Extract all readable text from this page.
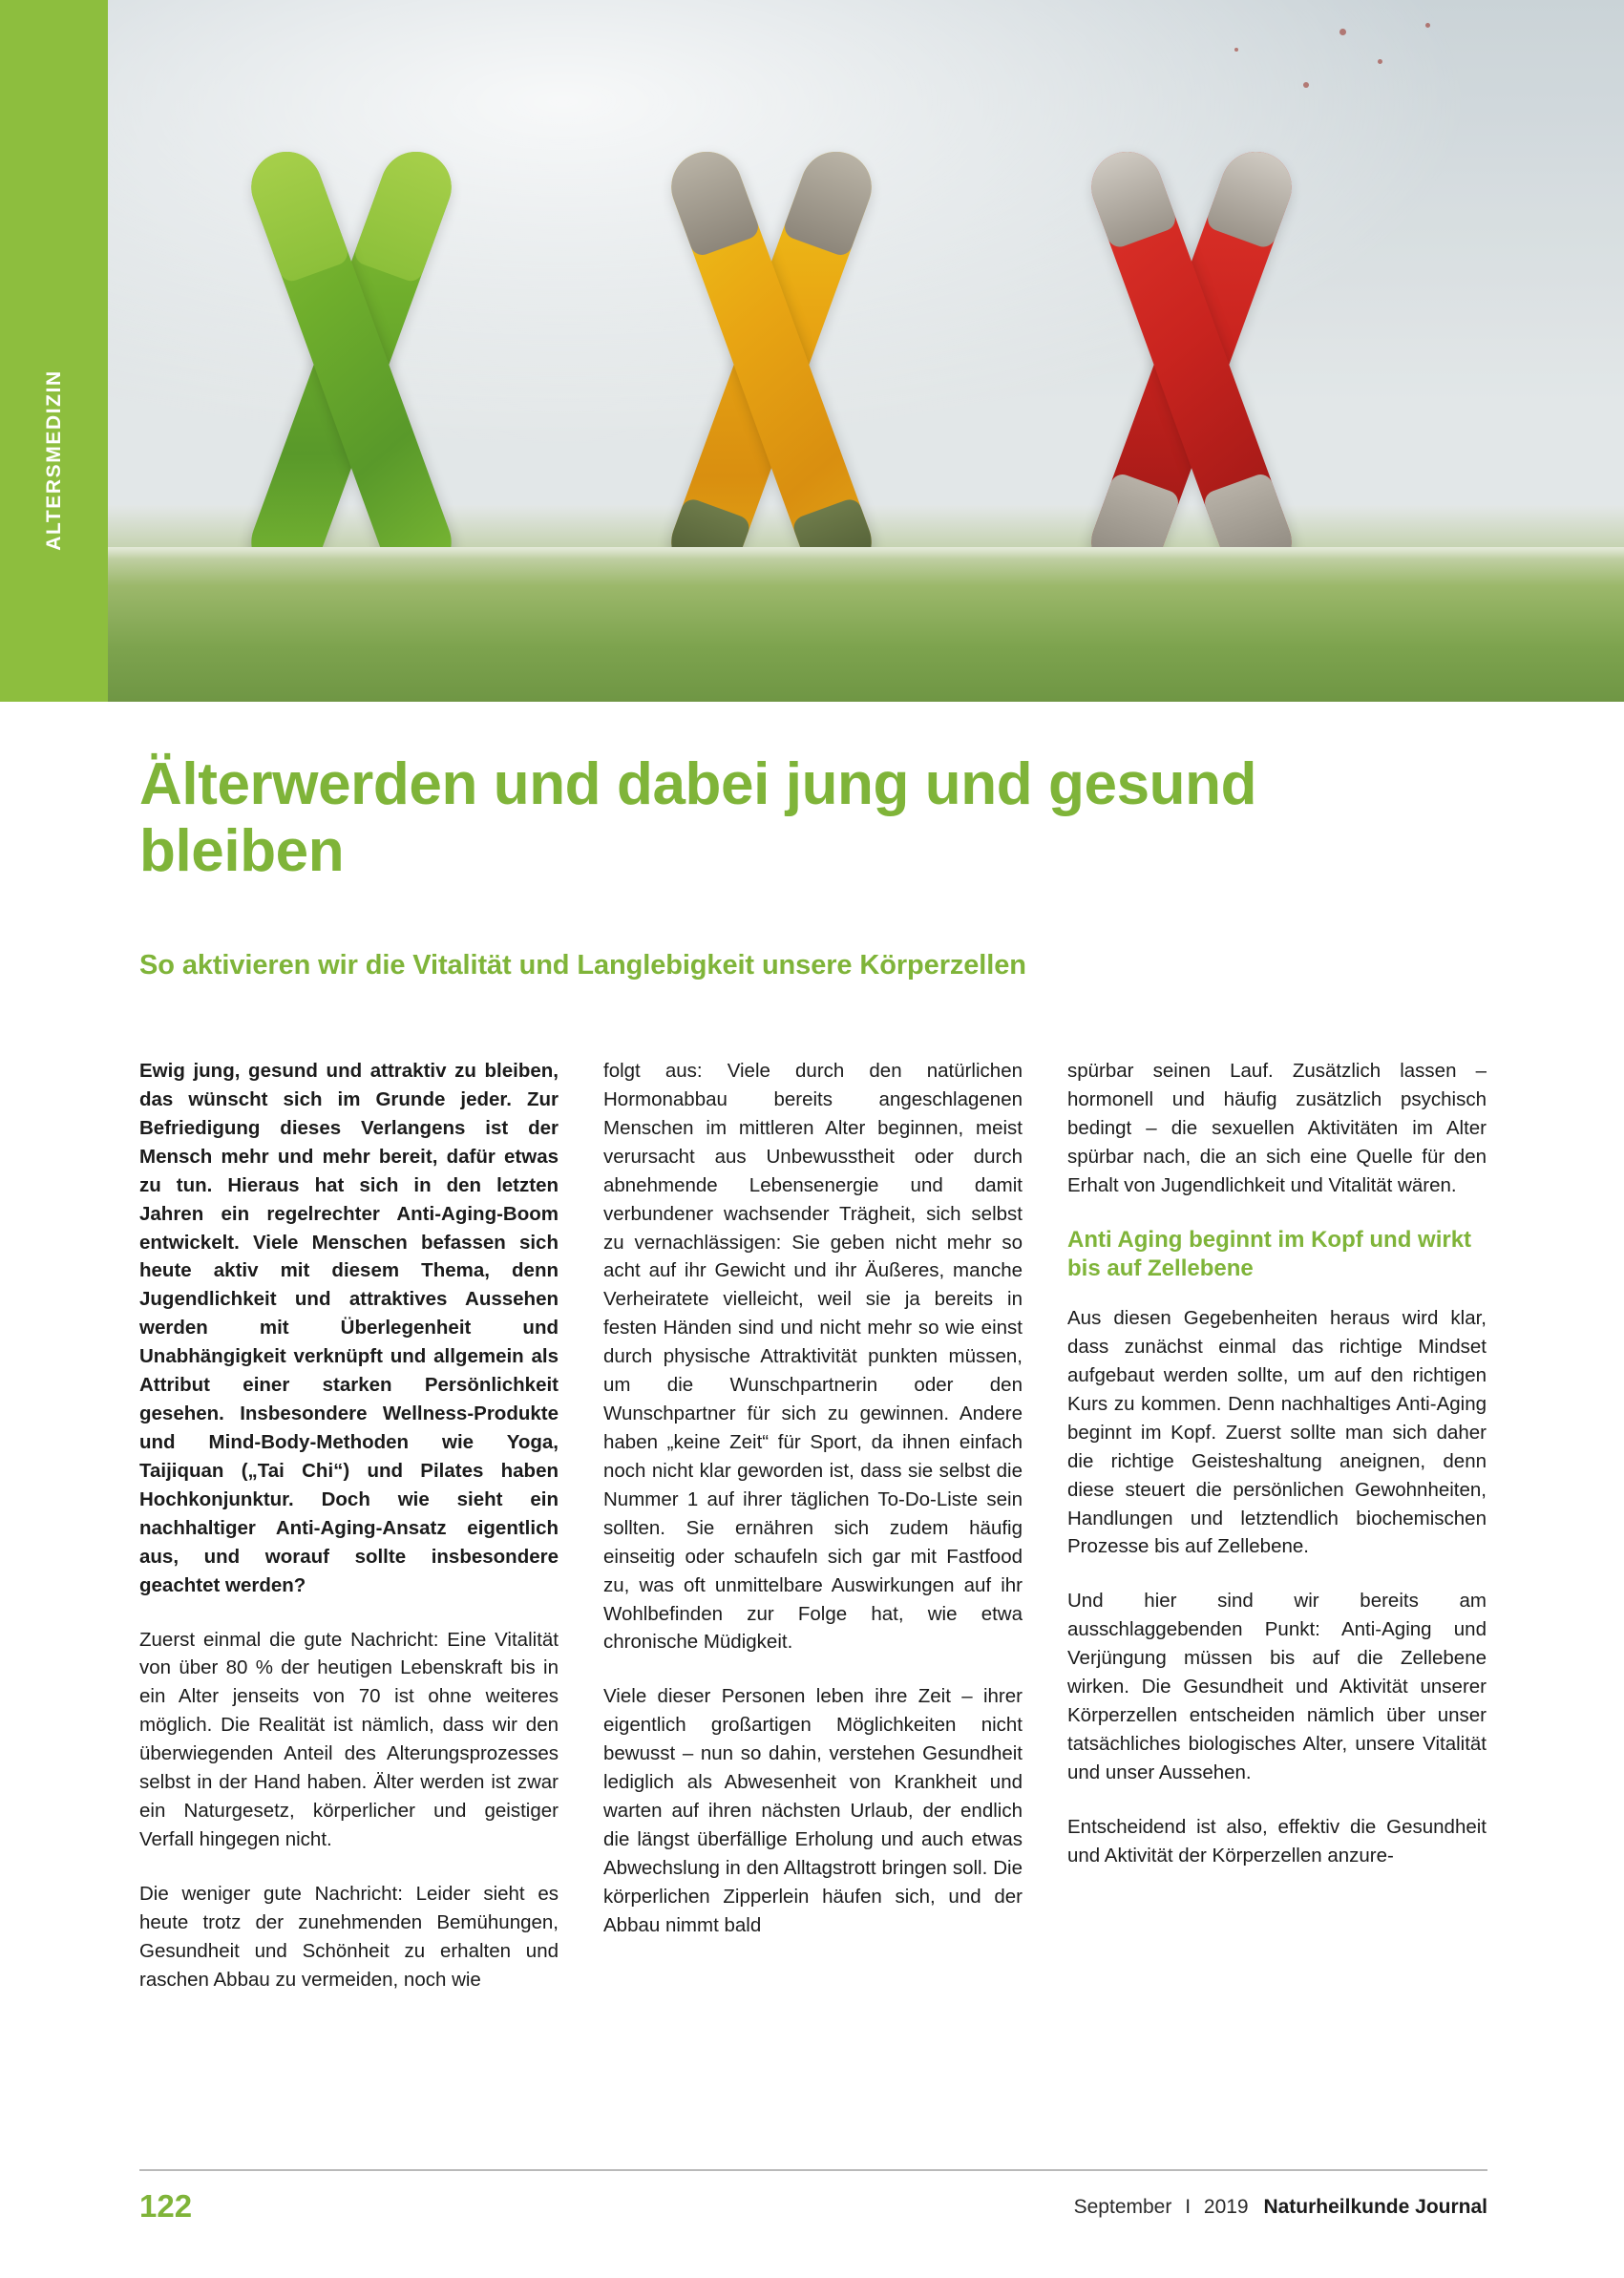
ALTERSMEDIZIN
Älterwerden und dabei jung und gesund bleiben
So aktivieren wir die Vitalität und Langlebigkeit unsere Körperzellen

Ewig jung, gesund und attraktiv zu bleiben, das wünscht sich im Grunde jeder. Zur Befriedigung dieses Verlangens ist der Mensch mehr und mehr bereit, dafür etwas zu tun. Hieraus hat sich in den letzten Jahren ein regelrechter Anti-Aging-Boom entwickelt. Viele Menschen befassen sich heute aktiv mit diesem Thema, denn Jugendlichkeit und attraktives Aussehen werden mit Überlegenheit und Unabhängigkeit verknüpft und allgemein als Attribut einer starken Persönlichkeit gesehen. Insbesondere Wellness-Produkte und Mind-Body-Methoden wie Yoga, Taijiquan („Tai Chi“) und Pilates haben Hochkonjunktur. Doch wie sieht ein nachhaltiger Anti-Aging-Ansatz eigentlich aus, und worauf sollte insbesondere geachtet werden?

Zuerst einmal die gute Nachricht: Eine Vitalität von über 80 % der heutigen Lebenskraft bis in ein Alter jenseits von 70 ist ohne weiteres möglich. Die Realität ist nämlich, dass wir den überwiegenden Anteil des Alterungsprozesses selbst in der Hand haben. Älter werden ist zwar ein Naturgesetz, körperlicher und geistiger Verfall hingegen nicht.

Die weniger gute Nachricht: Leider sieht es heute trotz der zunehmenden Bemühungen, Gesundheit und Schönheit zu erhalten und raschen Abbau zu vermeiden, noch wie

folgt aus: Viele durch den natürlichen Hormonabbau bereits angeschlagenen Menschen im mittleren Alter beginnen, meist verursacht aus Unbewusstheit oder durch abnehmende Lebensenergie und damit verbundener wachsender Trägheit, sich selbst zu vernachlässigen: Sie geben nicht mehr so acht auf ihr Gewicht und ihr Äußeres, manche Verheiratete vielleicht, weil sie ja bereits in festen Händen sind und nicht mehr so wie einst durch physische Attraktivität punkten müssen, um die Wunschpartnerin oder den Wunschpartner für sich zu gewinnen. Andere haben „keine Zeit“ für Sport, da ihnen einfach noch nicht klar geworden ist, dass sie selbst die Nummer 1 auf ihrer täglichen To-Do-Liste sein sollten. Sie ernähren sich zudem häufig einseitig oder schaufeln sich gar mit Fastfood zu, was oft unmittelbare Auswirkungen auf ihr Wohlbefinden zur Folge hat, wie etwa chronische Müdigkeit.

Viele dieser Personen leben ihre Zeit – ihrer eigentlich großartigen Möglichkeiten nicht bewusst – nun so dahin, verstehen Gesundheit lediglich als Abwesenheit von Krankheit und warten auf ihren nächsten Urlaub, der endlich die längst überfällige Erholung und auch etwas Abwechslung in den Alltagstrott bringen soll. Die körperlichen Zipperlein häufen sich, und der Abbau nimmt bald

spürbar seinen Lauf. Zusätzlich lassen – hormonell und häufig zusätzlich psychisch bedingt – die sexuellen Aktivitäten im Alter spürbar nach, die an sich eine Quelle für den Erhalt von Jugendlichkeit und Vitalität wären.

Anti Aging beginnt im Kopf und wirkt bis auf Zellebene

Aus diesen Gegebenheiten heraus wird klar, dass zunächst einmal das richtige Mindset aufgebaut werden sollte, um auf den richtigen Kurs zu kommen. Denn nachhaltiges Anti-Aging beginnt im Kopf. Zuerst sollte man sich daher die richtige Geisteshaltung aneignen, denn diese steuert die persönlichen Gewohnheiten, Handlungen und letztendlich biochemischen Prozesse bis auf Zellebene.

Und hier sind wir bereits am ausschlaggebenden Punkt: Anti-Aging und Verjüngung müssen bis auf die Zellebene wirken. Die Gesundheit und Aktivität unserer Körperzellen entscheiden nämlich über unser tatsächliches biologisches Alter, unsere Vitalität und unser Aussehen.

Entscheidend ist also, effektiv die Gesundheit und Aktivität der Körperzellen anzure-

122	September I 2019 Naturheilkunde Journal
